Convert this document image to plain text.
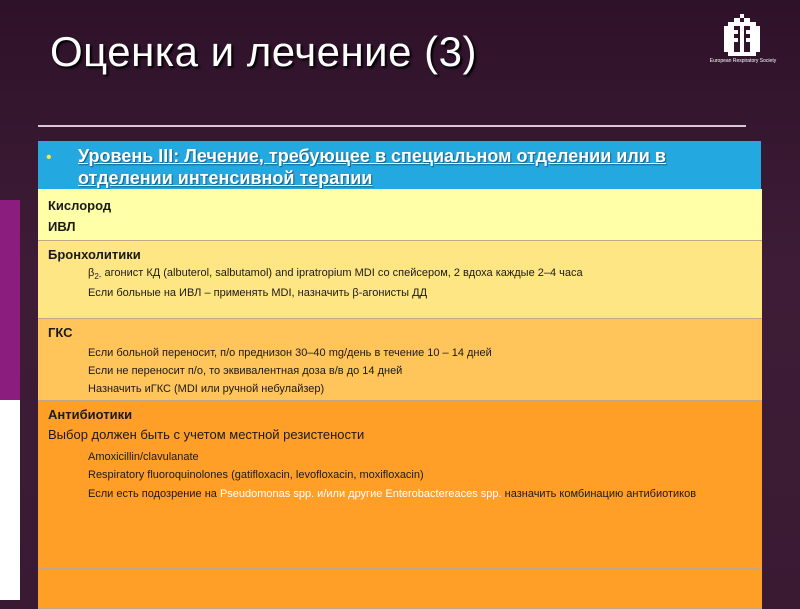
Оценка и лечение (3)	European Respiratory Society
• Уровень III: Лечение, требующее в специальном отделении или в отделении интенсивной терапии
Кислород
ИВЛ
Бронхолитики
$\beta_{2-}$ агонист КД (albuterol, salbutamol) and ipratropium MDI со спейсером, 2 вдоха каждые 2–4 часа
Если больные на ИВЛ – применять MDI, назначить β-агонисты ДД
ГКС
Если больной переносит, п/о преднизон 30–40 mg/день в течение 10 – 14 дней
Если не переносит п/о, то эквивалентная доза в/в до 14 дней
Назначить иГКС (MDI или ручной небулайзер)
Антибиотики
Выбор должен быть с учетом местной резистености
Amoxicillin/clavulanate
Respiratory fluoroquinolones (gatifloxacin, levofloxacin, moxifloxacin)
Если есть подозрение на Pseudomonas spp. и/или другие Enterobactereaces spp. назначить комбинацию антибиотиков
